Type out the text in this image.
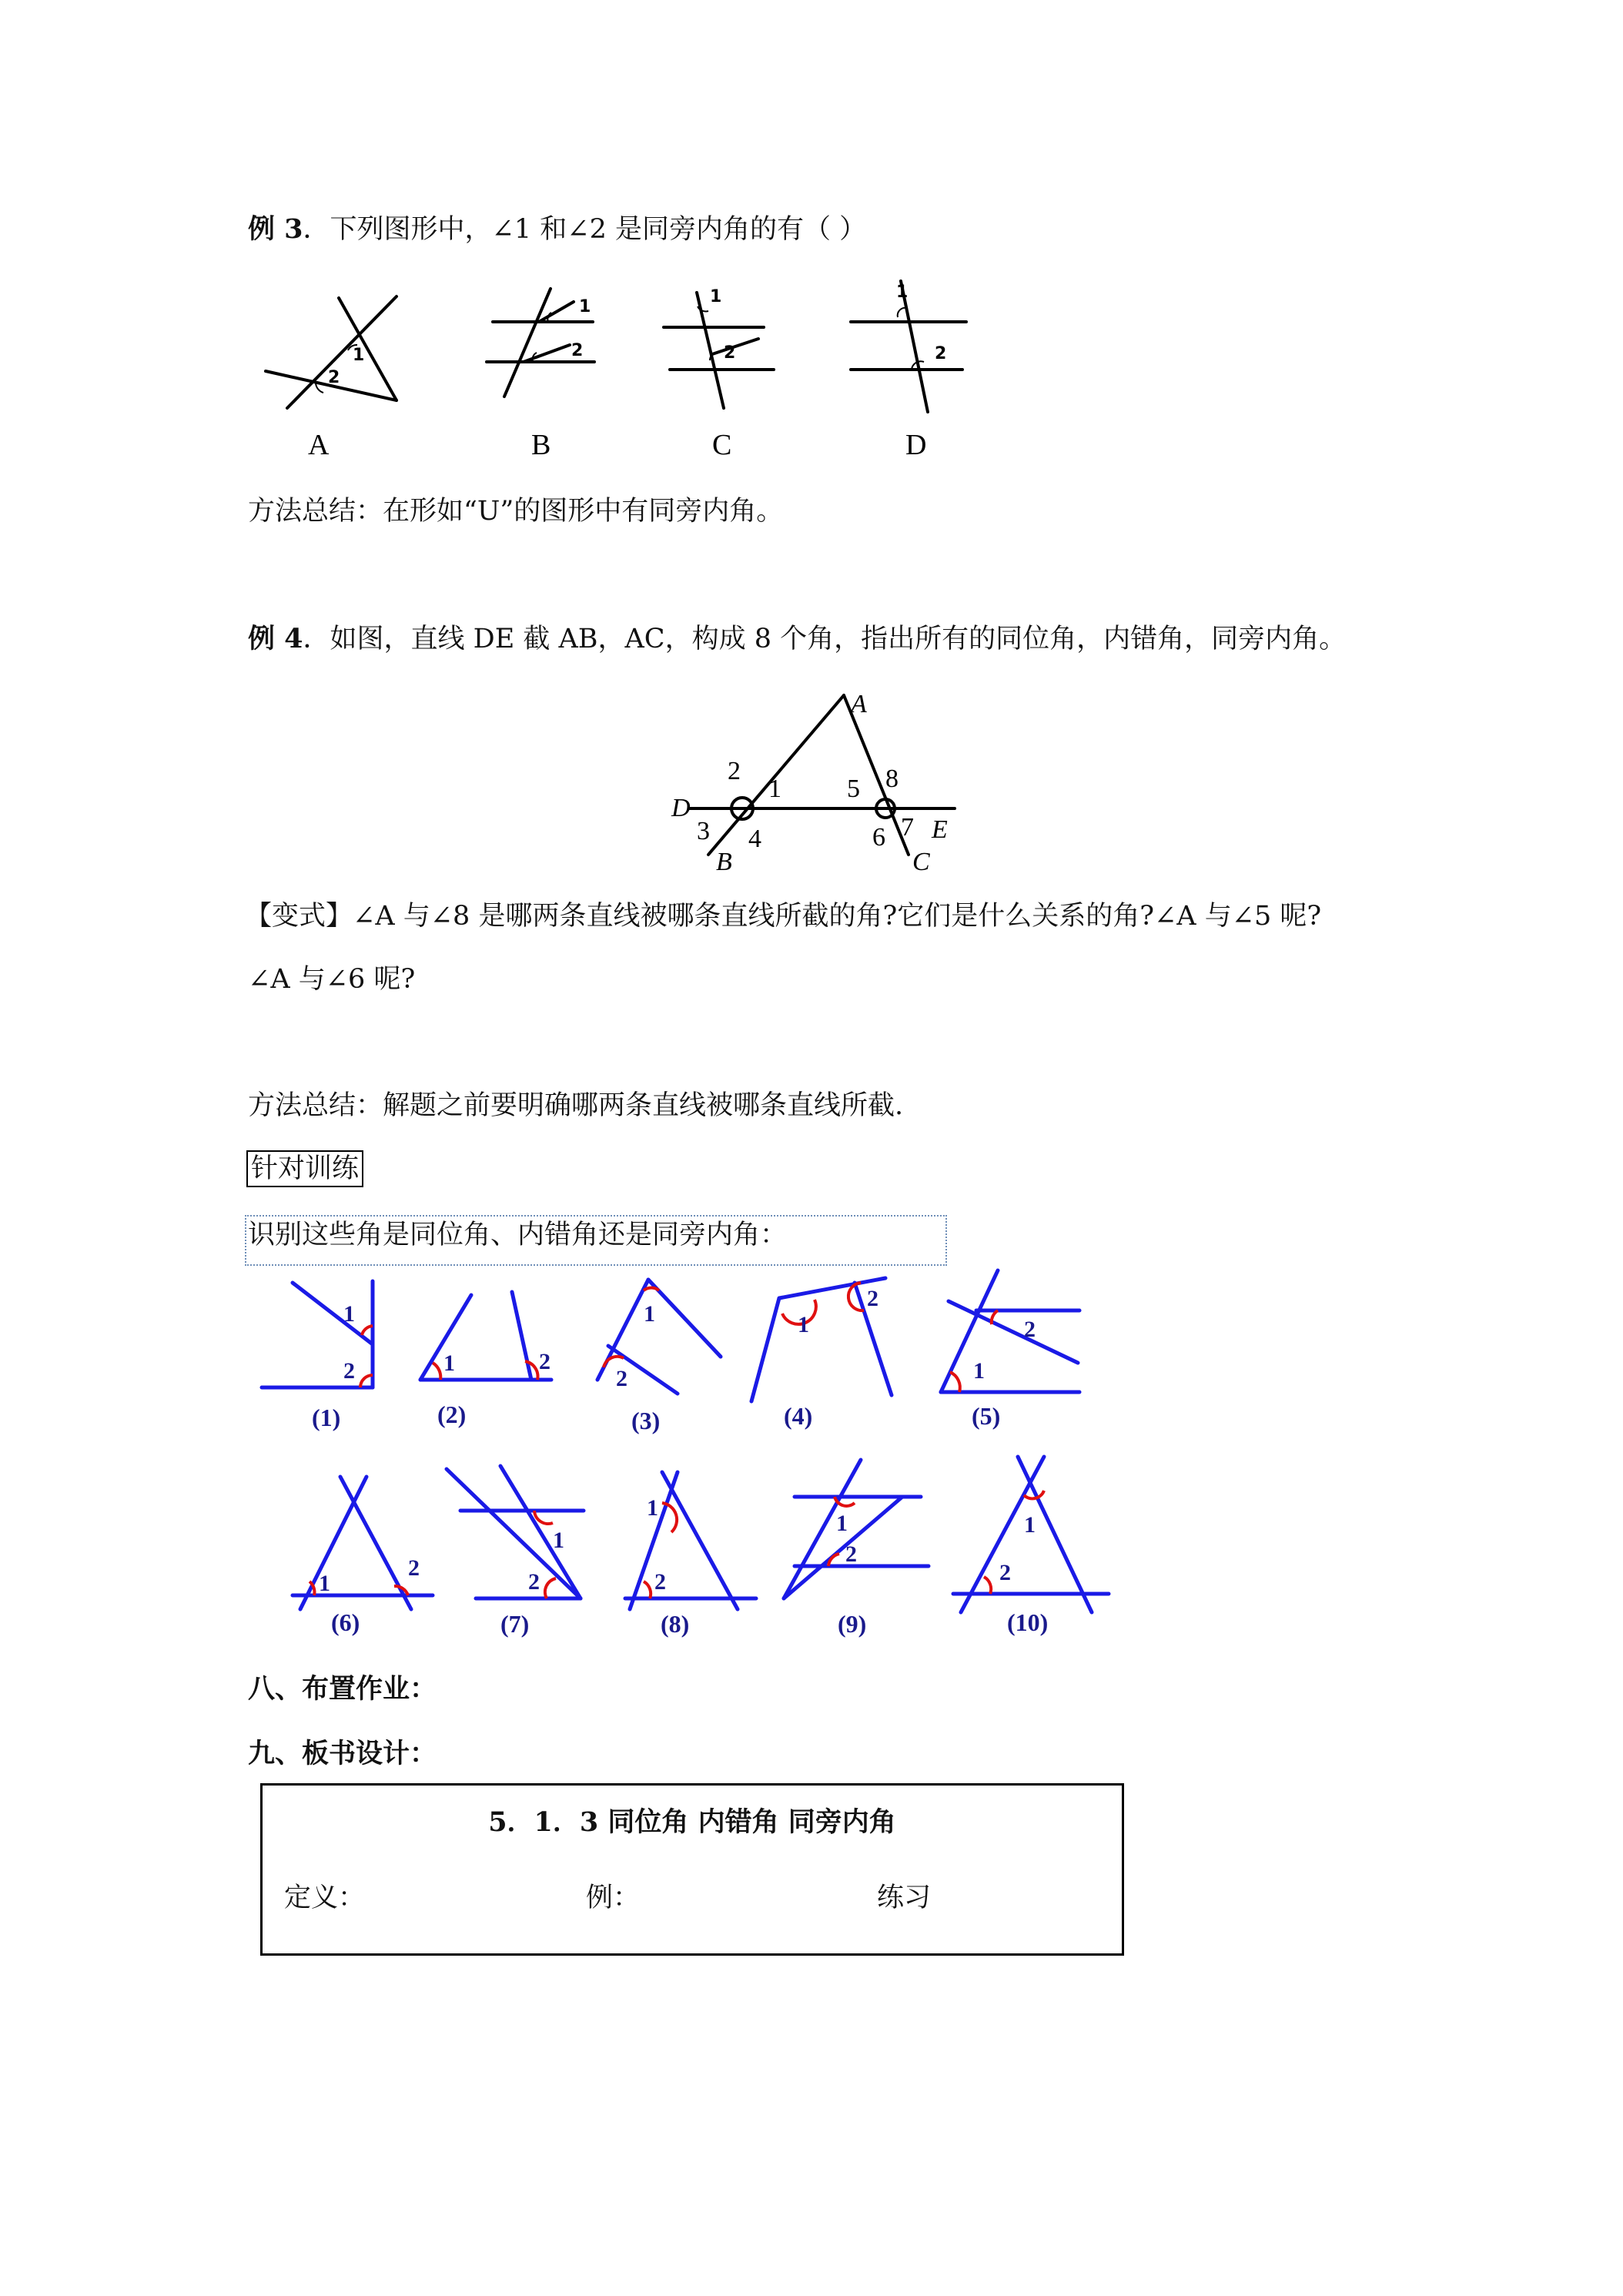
例 3．下列图形中，∠1 和∠2 是同旁内角的有（ ）
2
1
A
1
2
B
1
2
C
1
2
D
方法总结：在形如“U”的图形中有同旁内角。
例 4．如图，直线 DE 截 AB，AC，构成 8 个角，指出所有的同位角，内错角，同旁内角。
A
D
B	C
E
1
2
3 4
5
6 7
8
【变式】∠A 与∠8 是哪两条直线被哪条直线所截的角?它们是什么关系的角?∠A 与∠5 呢?
∠A 与∠6 呢?
方法总结：解题之前要明确哪两条直线被哪条直线所截.
针对训练
识别这些角是同位角、内错角还是同旁内角：
1
2
(1)
1	2
(2)
1
2
(3)
1
2
(4)
1
2
(5)
1
2
(6)
1
2
(7)
1
2
(8)
1
2
(9)
1
2
(10)
八、布置作业：
九、板书设计：
5．1．3 同位角 内错角 同旁内角
定义：	例：	练习
